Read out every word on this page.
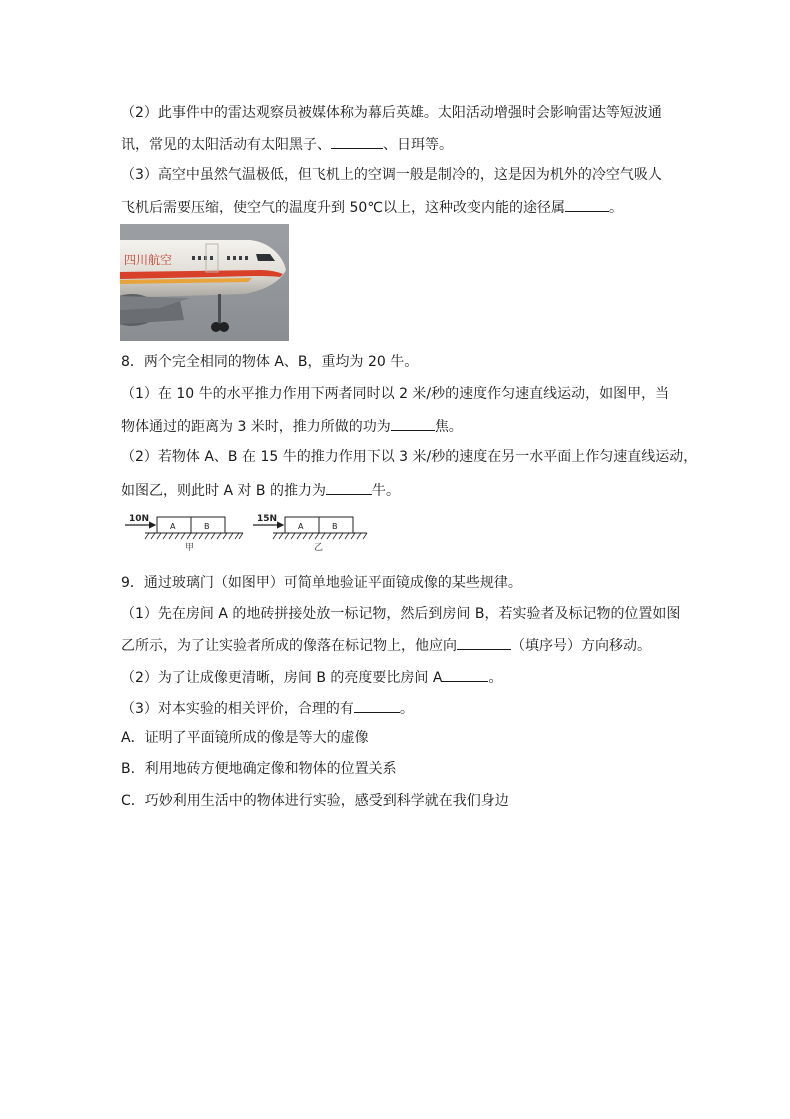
（2）此事件中的雷达观察员被媒体称为幕后英雄。太阳活动增强时会影响雷达等短波通
讯，常见的太阳活动有太阳黑子、	、日珥等。
（3）高空中虽然气温极低，但飞机上的空调一般是制冷的，这是因为机外的冷空气吸人
飞机后需要压缩，使空气的温度升到 50℃以上，这种改变内能的途径属	。
四川航空
8．两个完全相同的物体 A、B，重均为 20 牛。
（1）在 10 牛的水平推力作用下两者同时以 2 米/秒的速度作匀速直线运动，如图甲，当
物体通过的距离为 3 米时，推力所做的功为	焦。
（2）若物体 A、B 在 15 牛的推力作用下以 3 米/秒的速度在另一水平面上作匀速直线运动，
如图乙，则此时 A 对 B 的推力为	牛。
10N
A	B
甲
15N
A	B
乙
9．通过玻璃门（如图甲）可简单地验证平面镜成像的某些规律。
（1）先在房间 A 的地砖拼接处放一标记物，然后到房间 B，若实验者及标记物的位置如图
乙所示，为了让实验者所成的像落在标记物上，他应向	（填序号）方向移动。
（2）为了让成像更清晰，房间 B 的亮度要比房间 A	。
（3）对本实验的相关评价，合理的有	。
A．证明了平面镜所成的像是等大的虚像
B．利用地砖方便地确定像和物体的位置关系
C．巧妙利用生活中的物体进行实验，感受到科学就在我们身边
